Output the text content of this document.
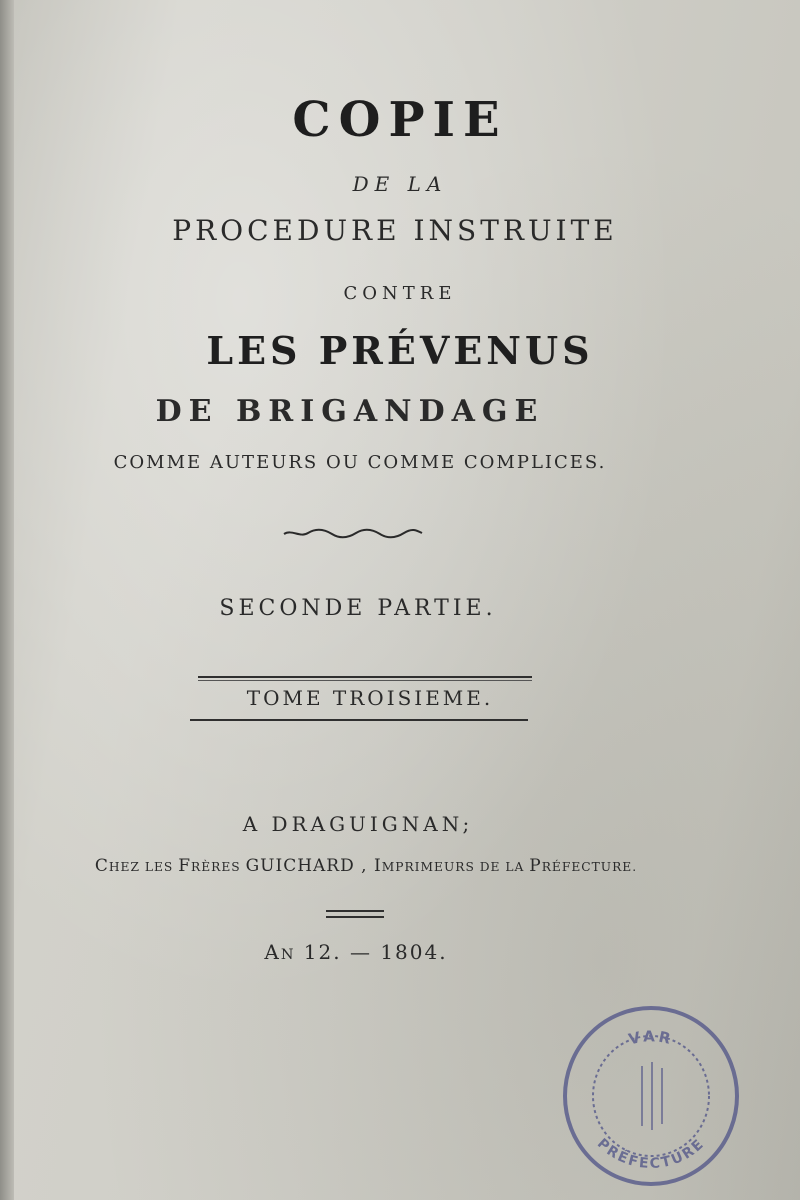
COPIE
DE LA
PROCEDURE INSTRUITE
CONTRE
LES PRÉVENUS
DE BRIGANDAGE
COMME AUTEURS OU COMME COMPLICES.
SECONDE PARTIE.
TOME TROISIEME.
A DRAGUIGNAN;
CHEZ LES FRÈRES GUICHARD , IMPRIMEURS DE LA PRÉFECTURE.
AN 12. — 1804.
VAR
PRÉFECTURE
